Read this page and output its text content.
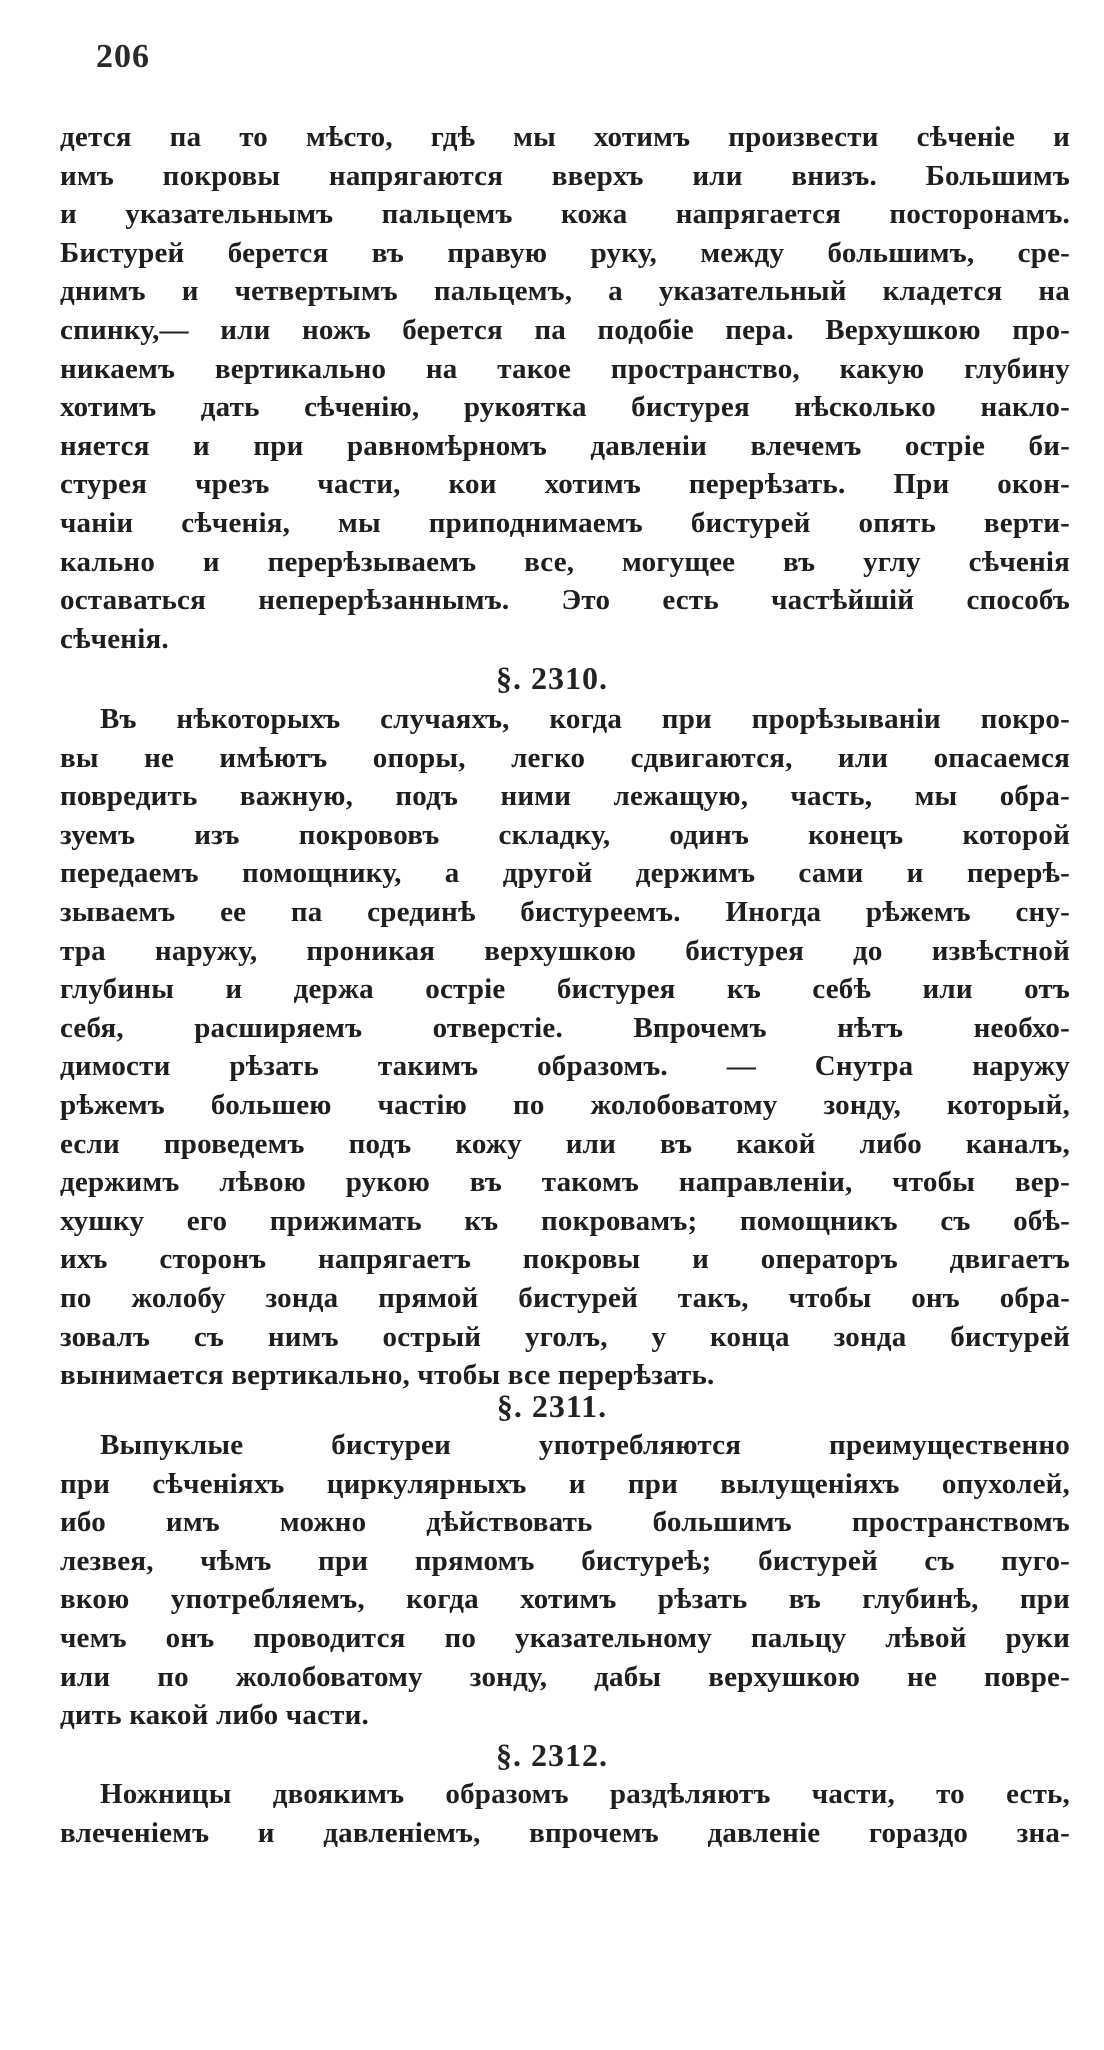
206
дется па то мѣсто, гдѣ мы хотимъ произвести сѣченіе и
имъ покровы напрягаются вверхъ или внизъ. Большимъ
и указательнымъ пальцемъ кожа напрягается посторонамъ.
Бистурей берется въ правую руку, между большимъ, сре-
днимъ и четвертымъ пальцемъ, а указательный кладется на
спинку,— или ножъ берется па подобіе пера. Верхушкою про-
никаемъ вертикально на такое пространство, какую глубину
хотимъ дать сѣченію, рукоятка бистурея нѣсколько накло-
няется и при равномѣрномъ давленіи влечемъ остріе би-
стурея чрезъ части, кои хотимъ перерѣзать. При окон-
чаніи сѣченія, мы приподнимаемъ бистурей опять верти-
кально и перерѣзываемъ все, могущее въ углу сѣченія
оставаться неперерѣзаннымъ. Это есть частѣйшій способъ
сѣченія.
§. 2310.
Въ нѣкоторыхъ случаяхъ, когда при прорѣзываніи покро-
вы не имѣютъ опоры, легко сдвигаются, или опасаемся
повредить важную, подъ ними лежащую, часть, мы обра-
зуемъ изъ покрововъ складку, одинъ конецъ которой
передаемъ помощнику, а другой держимъ сами и перерѣ-
зываемъ ее па срединѣ бистуреемъ. Иногда рѣжемъ сну-
тра наружу, проникая верхушкою бистурея до извѣстной
глубины и держа остріе бистурея къ себѣ или отъ
себя, расширяемъ отверстіе. Впрочемъ нѣтъ необхо-
димости рѣзать такимъ образомъ. — Снутра наружу
рѣжемъ большею частію по жолобоватому зонду, который,
если проведемъ подъ кожу или въ какой либо каналъ,
держимъ лѣвою рукою въ такомъ направленіи, чтобы вер-
хушку его прижимать къ покровамъ; помощникъ съ обѣ-
ихъ сторонъ напрягаетъ покровы и операторъ двигаетъ
по жолобу зонда прямой бистурей такъ, чтобы онъ обра-
зовалъ съ нимъ острый уголъ, у конца зонда бистурей
вынимается вертикально, чтобы все перерѣзать.
§. 2311.
Выпуклые бистуреи употребляются преимущественно
при сѣченіяхъ циркулярныхъ и при вылущеніяхъ опухолей,
ибо имъ можно дѣйствовать большимъ пространствомъ
лезвея, чѣмъ при прямомъ бистуреѣ; бистурей съ пуго-
вкою употребляемъ, когда хотимъ рѣзать въ глубинѣ, при
чемъ онъ проводится по указательному пальцу лѣвой руки
или по жолобоватому зонду, дабы верхушкою не повре-
дить какой либо части.
§. 2312.
Ножницы двоякимъ образомъ раздѣляютъ части, то есть,
влеченіемъ и давленіемъ, впрочемъ давленіе гораздо зна-
